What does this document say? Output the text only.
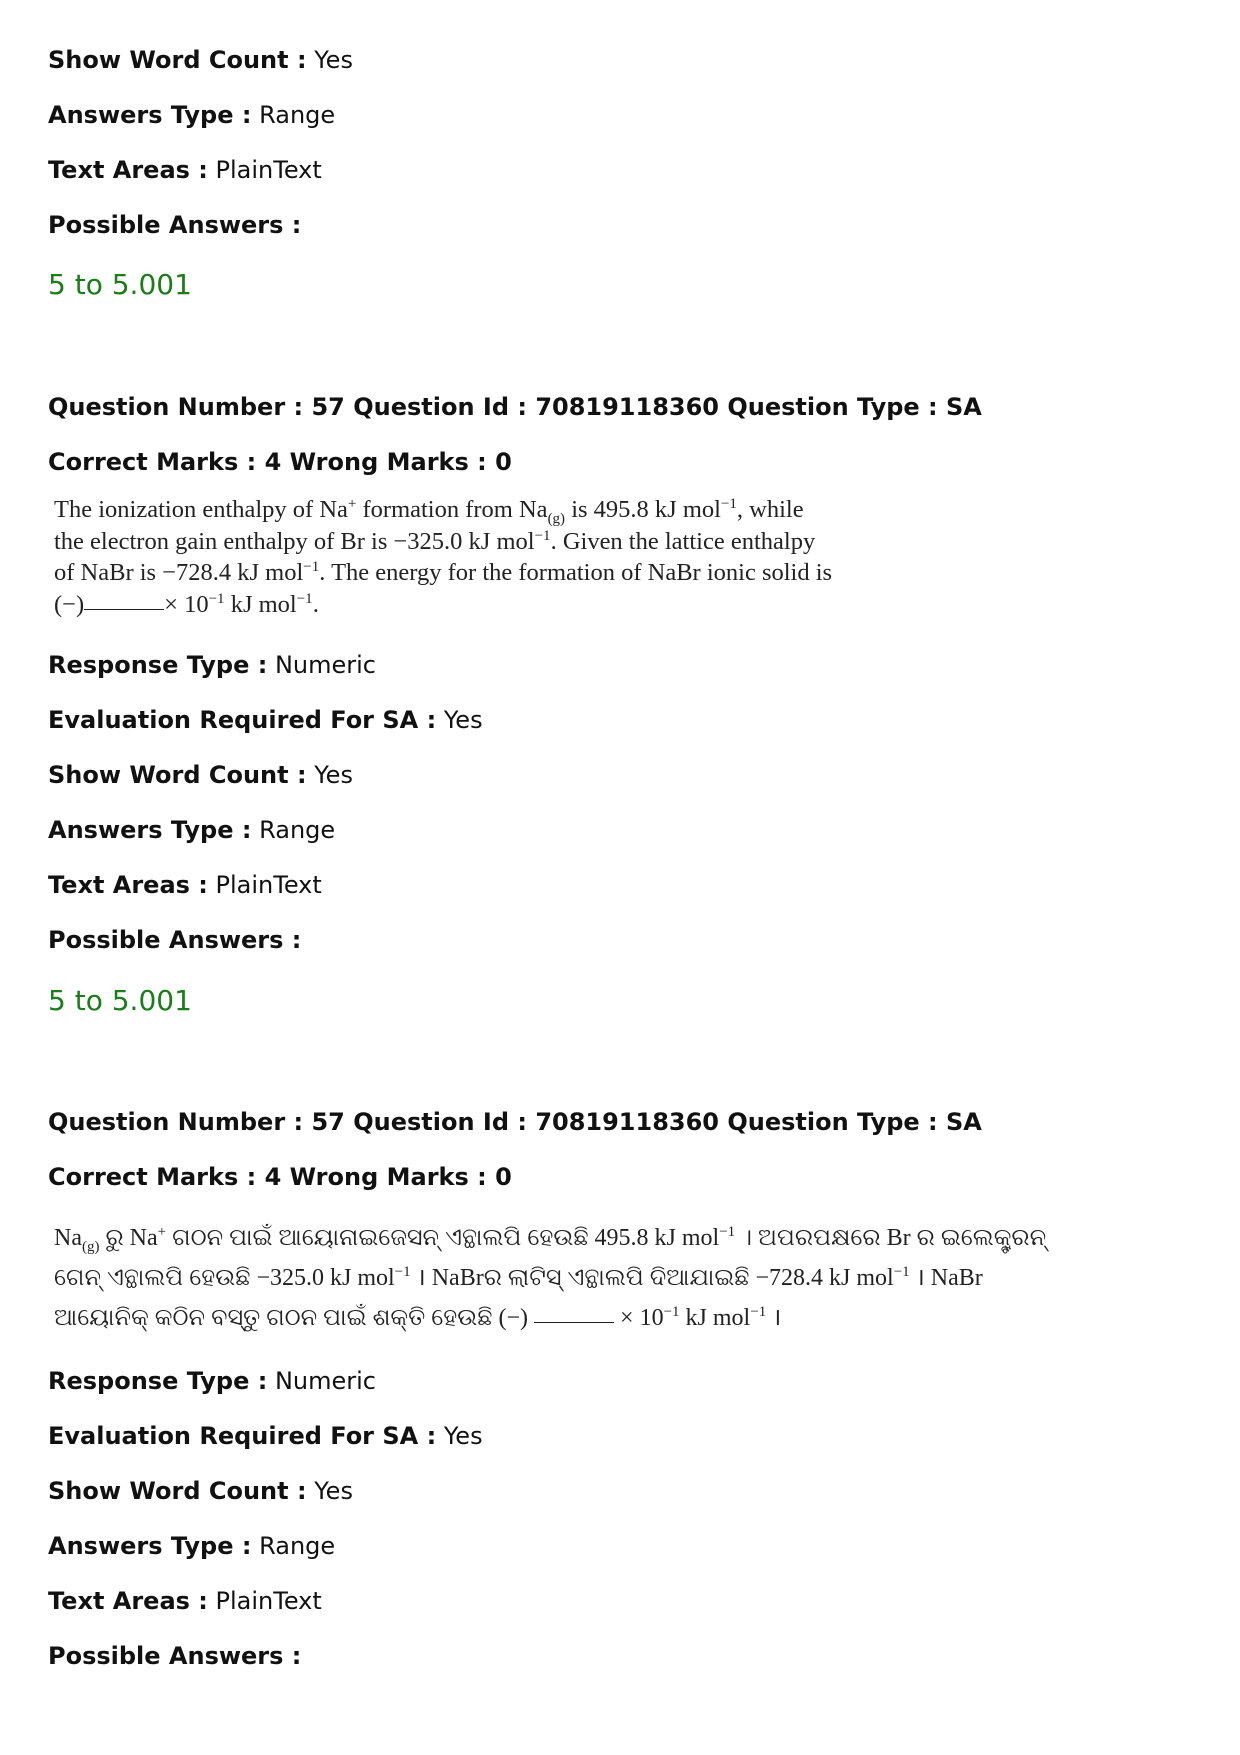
Show Word Count : Yes
Answers Type : Range
Text Areas : PlainText
Possible Answers :
5 to 5.001
Question Number : 57 Question Id : 70819118360 Question Type : SA
Correct Marks : 4 Wrong Marks : 0
The ionization enthalpy of Na+ formation from $Na_{(g)}$ is 495.8 kJ mol$^{-1}$, while
the electron gain enthalpy of Br is −325.0 kJ mol$^{-1}$. Given the lattice enthalpy
of NaBr is −728.4 kJ mol$^{-1}$. The energy for the formation of NaBr ionic solid is
(−)	× $10^{-1}$ kJ mol$^{-1}$.
Response Type : Numeric
Evaluation Required For SA : Yes
Show Word Count : Yes
Answers Type : Range
Text Areas : PlainText
Possible Answers :
5 to 5.001
Question Number : 57 Question Id : 70819118360 Question Type : SA
Correct Marks : 4 Wrong Marks : 0
$Na_{(g)}$ ରୁ Na+ ଗଠନ ପାଇଁ ଆୟୋନାଇଜେସନ୍ ଏନ୍ଥାଲପି ହେଉଛି 495.8 kJ mol$^{-1}$ । ଅପରପକ୍ଷରେ Br ର ଇଲେକ୍ଟ୍ରନ୍
ଗେନ୍ ଏନ୍ଥାଲପି ହେଉଛି −325.0 kJ mol$^{-1}$ । NaBrର ଲାଟିସ୍ ଏନ୍ଥାଲପି ଦିଆଯାଇଛି −728.4 kJ mol$^{-1}$ । NaBr
ଆୟୋନିକ୍ କଠିନ ବସ୍ତୁ ଗଠନ ପାଇଁ ଶକ୍ତି ହେଉଛି (−)	× $10^{-1}$ kJ mol$^{-1}$ ।
Response Type : Numeric
Evaluation Required For SA : Yes
Show Word Count : Yes
Answers Type : Range
Text Areas : PlainText
Possible Answers :
